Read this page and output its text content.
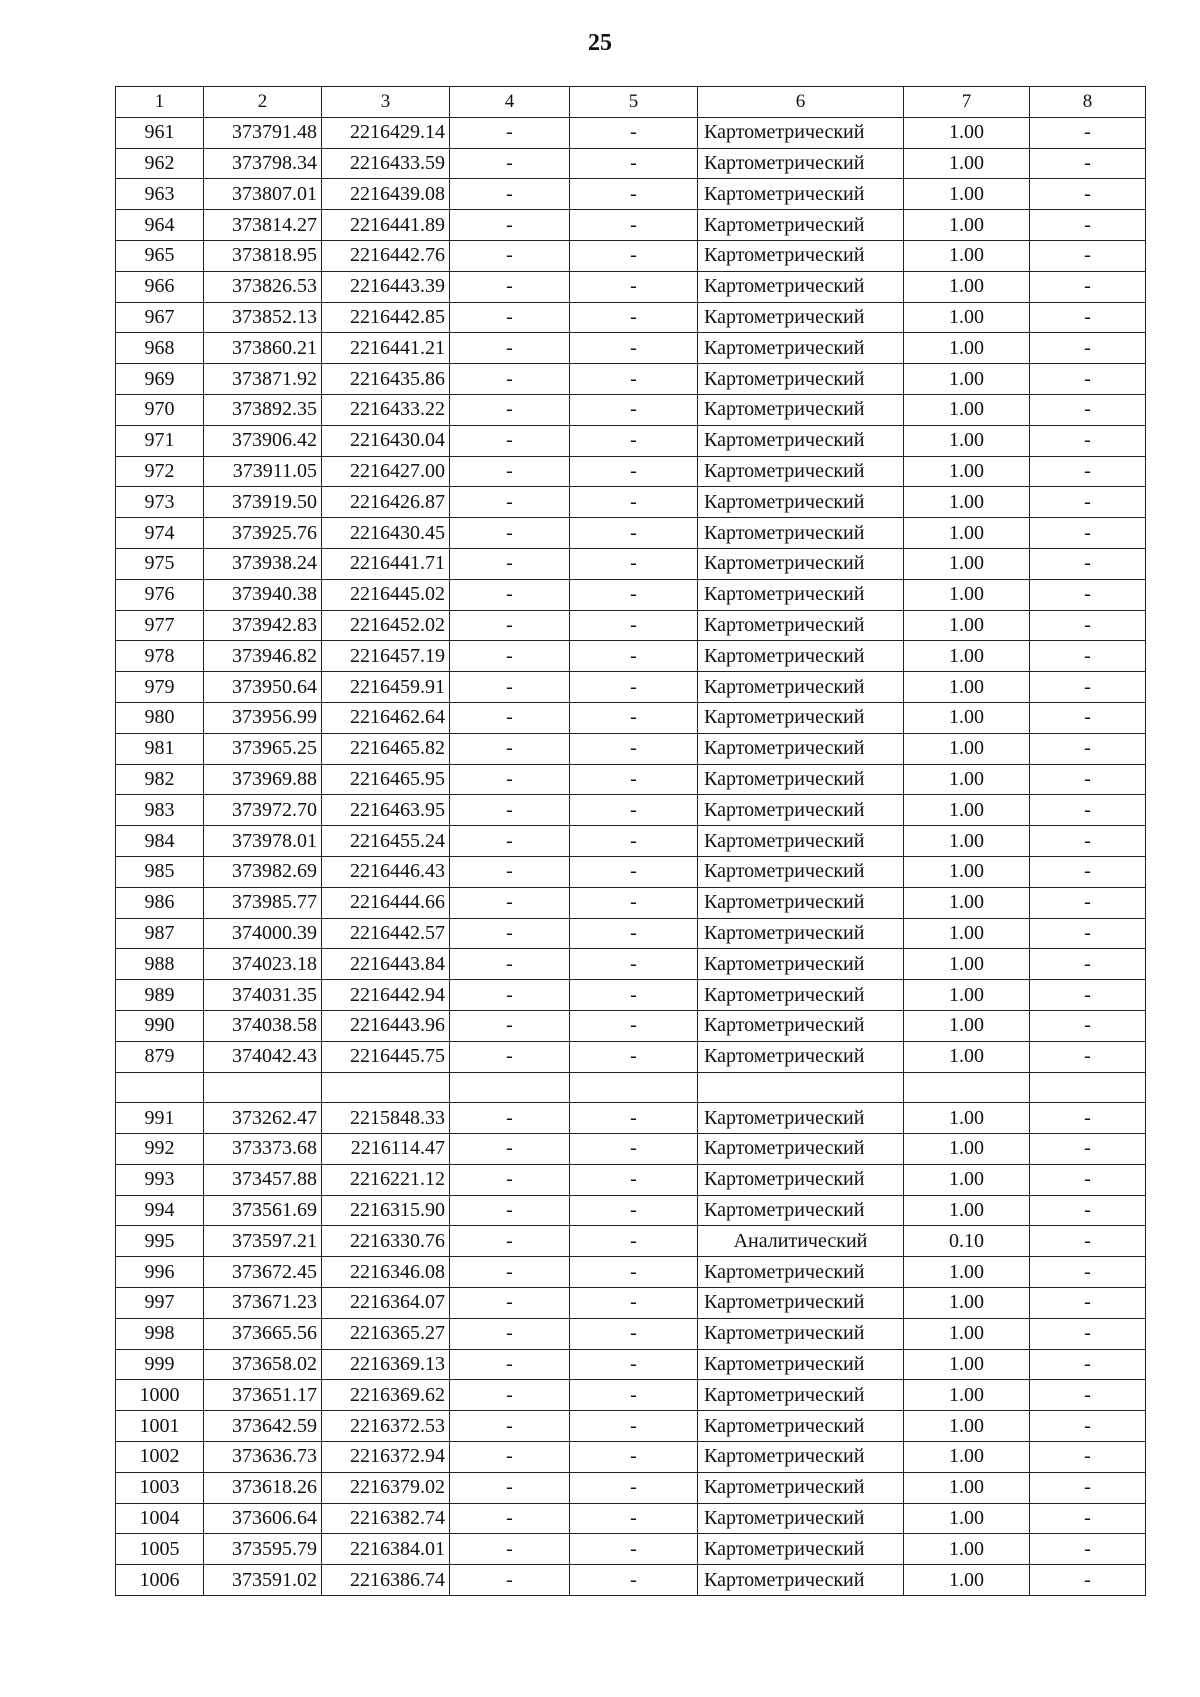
25
1	2	3	4	5	6	7	8
961	373791.48	2216429.14	-	-	Картометрический	1.00	-
962	373798.34	2216433.59	-	-	Картометрический	1.00	-
963	373807.01	2216439.08	-	-	Картометрический	1.00	-
964	373814.27	2216441.89	-	-	Картометрический	1.00	-
965	373818.95	2216442.76	-	-	Картометрический	1.00	-
966	373826.53	2216443.39	-	-	Картометрический	1.00	-
967	373852.13	2216442.85	-	-	Картометрический	1.00	-
968	373860.21	2216441.21	-	-	Картометрический	1.00	-
969	373871.92	2216435.86	-	-	Картометрический	1.00	-
970	373892.35	2216433.22	-	-	Картометрический	1.00	-
971	373906.42	2216430.04	-	-	Картометрический	1.00	-
972	373911.05	2216427.00	-	-	Картометрический	1.00	-
973	373919.50	2216426.87	-	-	Картометрический	1.00	-
974	373925.76	2216430.45	-	-	Картометрический	1.00	-
975	373938.24	2216441.71	-	-	Картометрический	1.00	-
976	373940.38	2216445.02	-	-	Картометрический	1.00	-
977	373942.83	2216452.02	-	-	Картометрический	1.00	-
978	373946.82	2216457.19	-	-	Картометрический	1.00	-
979	373950.64	2216459.91	-	-	Картометрический	1.00	-
980	373956.99	2216462.64	-	-	Картометрический	1.00	-
981	373965.25	2216465.82	-	-	Картометрический	1.00	-
982	373969.88	2216465.95	-	-	Картометрический	1.00	-
983	373972.70	2216463.95	-	-	Картометрический	1.00	-
984	373978.01	2216455.24	-	-	Картометрический	1.00	-
985	373982.69	2216446.43	-	-	Картометрический	1.00	-
986	373985.77	2216444.66	-	-	Картометрический	1.00	-
987	374000.39	2216442.57	-	-	Картометрический	1.00	-
988	374023.18	2216443.84	-	-	Картометрический	1.00	-
989	374031.35	2216442.94	-	-	Картометрический	1.00	-
990	374038.58	2216443.96	-	-	Картометрический	1.00	-
879	374042.43	2216445.75	-	-	Картометрический	1.00	-

991	373262.47	2215848.33	-	-	Картометрический	1.00	-
992	373373.68	2216114.47	-	-	Картометрический	1.00	-
993	373457.88	2216221.12	-	-	Картометрический	1.00	-
994	373561.69	2216315.90	-	-	Картометрический	1.00	-
995	373597.21	2216330.76	-	-	Аналитический	0.10	-
996	373672.45	2216346.08	-	-	Картометрический	1.00	-
997	373671.23	2216364.07	-	-	Картометрический	1.00	-
998	373665.56	2216365.27	-	-	Картометрический	1.00	-
999	373658.02	2216369.13	-	-	Картометрический	1.00	-
1000	373651.17	2216369.62	-	-	Картометрический	1.00	-
1001	373642.59	2216372.53	-	-	Картометрический	1.00	-
1002	373636.73	2216372.94	-	-	Картометрический	1.00	-
1003	373618.26	2216379.02	-	-	Картометрический	1.00	-
1004	373606.64	2216382.74	-	-	Картометрический	1.00	-
1005	373595.79	2216384.01	-	-	Картометрический	1.00	-
1006	373591.02	2216386.74	-	-	Картометрический	1.00	-
